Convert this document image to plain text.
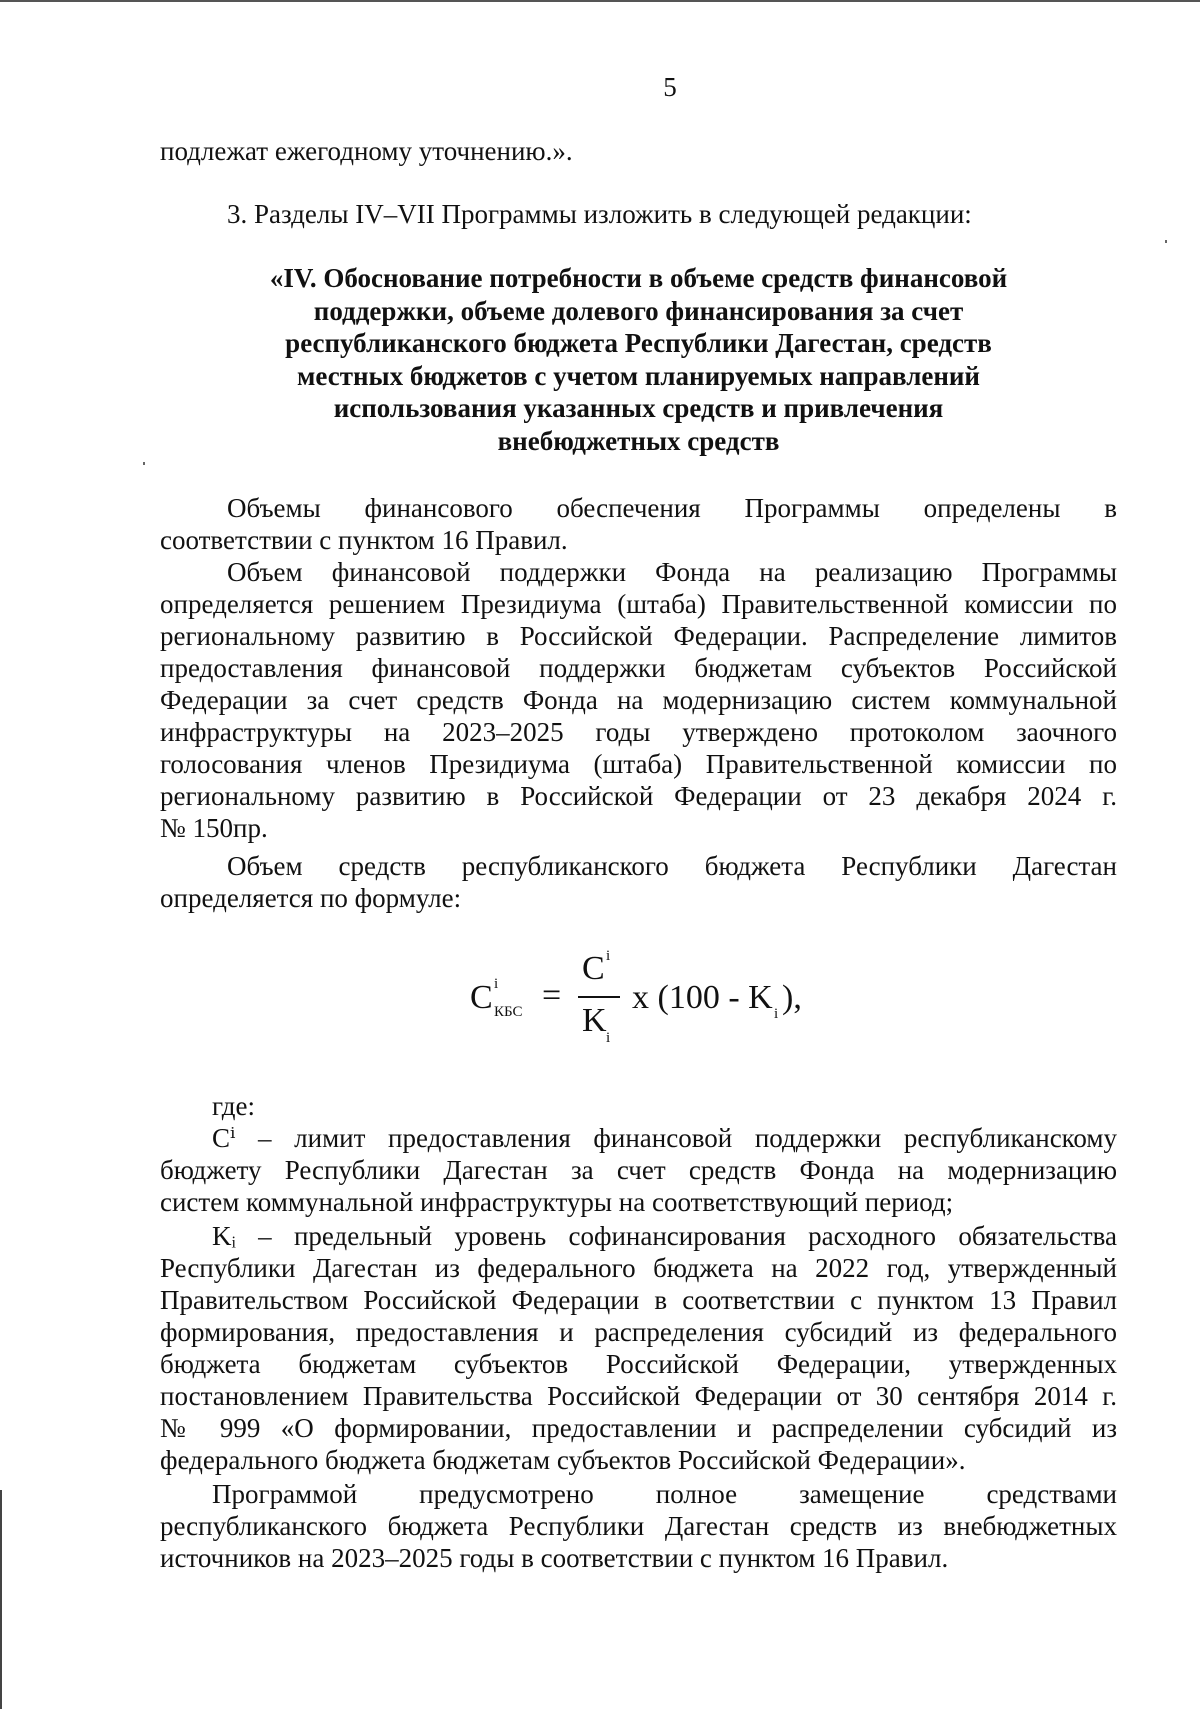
5
подлежат ежегодному уточнению.».
3. Разделы IV–VII Программы изложить в следующей редакции:
«IV. Обоснование потребности в объеме средств финансовой
поддержки, объеме долевого финансирования за счет
республиканского бюджета Республики Дагестан, средств
местных бюджетов с учетом планируемых направлений
использования указанных средств и привлечения
внебюджетных средств
Объемы финансового обеспечения Программы определены в
соответствии с пунктом 16 Правил.
Объем финансовой поддержки Фонда на реализацию Программы
определяется решением Президиума (штаба) Правительственной комиссии по
региональному развитию в Российской Федерации. Распределение лимитов
предоставления финансовой поддержки бюджетам субъектов Российской
Федерации за счет средств Фонда на модернизацию систем коммунальной
инфраструктуры на 2023–2025 годы утверждено протоколом заочного
голосования членов Президиума (штаба) Правительственной комиссии по
региональному развитию в Российской Федерации от 23 декабря 2024 г.
№ 150пр.
Объем средств республиканского бюджета Республики Дагестан
определяется по формуле:
C i
КБС =
C i
K i
x (100 - K i ),
где:
Cⁱ – лимит предоставления финансовой поддержки республиканскому
бюджету Республики Дагестан за счет средств Фонда на модернизацию
систем коммунальной инфраструктуры на соответствующий период;
Kᵢ – предельный уровень софинансирования расходного обязательства
Республики Дагестан из федерального бюджета на 2022 год, утвержденный
Правительством Российской Федерации в соответствии с пунктом 13 Правил
формирования, предоставления и распределения субсидий из федерального
бюджета бюджетам субъектов Российской Федерации, утвержденных
постановлением Правительства Российской Федерации от 30 сентября 2014 г.
№ 999 «О формировании, предоставлении и распределении субсидий из
федерального бюджета бюджетам субъектов Российской Федерации».
Программой предусмотрено полное замещение средствами
республиканского бюджета Республики Дагестан средств из внебюджетных
источников на 2023–2025 годы в соответствии с пунктом 16 Правил.
